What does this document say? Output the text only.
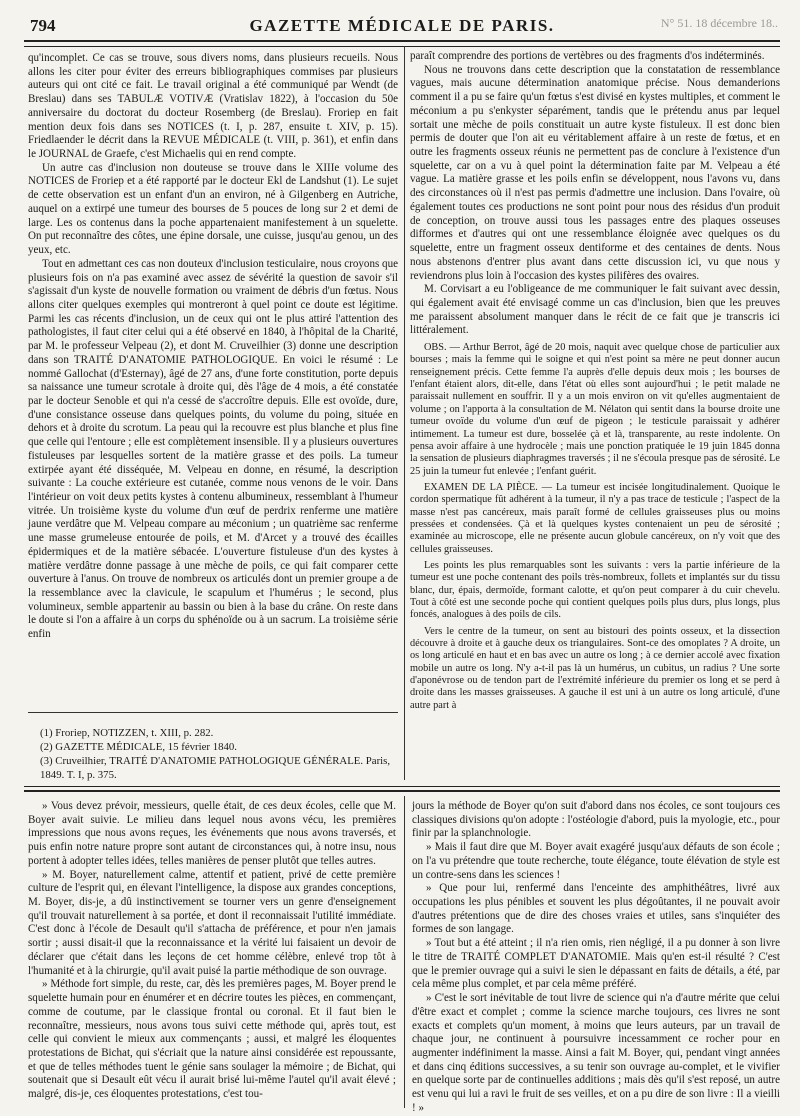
794	GAZETTE MÉDICALE DE PARIS.	N° 51. 18 décembre 18..

qu'incomplet. Ce cas se trouve, sous divers noms, dans plusieurs recueils. Nous allons les citer pour éviter des erreurs bibliographiques commises par plusieurs auteurs qui ont cité ce fait. Le travail original a été communiqué par Wendt (de Breslau) dans ses TABULÆ VOTIVÆ (Vratislav 1822), à l'occasion du 50e anniversaire du doctorat du docteur Rosemberg (de Breslau). Froriep en fait mention deux fois dans ses NOTICES (t. I, p. 287, ensuite t. XIV, p. 15). Friedlaender le décrit dans la REVUE MÉDICALE (t. VIII, p. 361), et enfin dans le JOURNAL de Graefe, c'est Michaelis qui en rend compte.

Un autre cas d'inclusion non douteuse se trouve dans le XIIIe volume des NOTICES de Froriep et a été rapporté par le docteur Ekl de Landshut (1). Le sujet de cette observation est un enfant d'un an environ, né à Gilgenberg en Autriche, auquel on a extirpé une tumeur des bourses de 5 pouces de long sur 2 et demi de large. Les os contenus dans la poche appartenaient manifestement à un squelette. On put reconnaître des côtes, une épine dorsale, une cuisse, jusqu'au genou, un des yeux, etc.

Tout en admettant ces cas non douteux d'inclusion testiculaire, nous croyons que plusieurs fois on n'a pas examiné avec assez de sévérité la question de savoir s'il s'agissait d'un kyste de nouvelle formation ou vraiment de débris d'un fœtus. Nous allons citer quelques exemples qui montreront à quel point ce doute est légitime. Parmi les cas récents d'inclusion, un de ceux qui ont le plus attiré l'attention des pathologistes, il faut citer celui qui a été observé en 1840, à l'hôpital de la Charité, par M. le professeur Velpeau (2), et dont M. Cruveilhier (3) donne une description dans son TRAITÉ D'ANATOMIE PATHOLOGIQUE. En voici le résumé : Le nommé Gallochat (d'Esternay), âgé de 27 ans, d'une forte constitution, porte depuis sa naissance une tumeur scrotale à droite qui, dès l'âge de 4 mois, a été constatée par le docteur Senoble et qui n'a cessé de s'accroître depuis. Elle est ovoïde, dure, d'une consistance osseuse dans quelques points, du volume du poing, située en dehors et à droite du scrotum. La peau qui la recouvre est plus blanche et plus fine que celle qui l'entoure ; elle est complètement insensible. Il y a plusieurs ouvertures fistuleuses par lesquelles sortent de la matière grasse et des poils. La tumeur extirpée ayant été disséquée, M. Velpeau en donne, en résumé, la description suivante : La couche extérieure est cutanée, comme nous venons de le voir. Dans l'intérieur on voit deux petits kystes à contenu albumineux, ressemblant à l'humeur vitrée. Un troisième kyste du volume d'un œuf de perdrix renferme une matière jaune verdâtre que M. Velpeau compare au méconium ; un quatrième sac renferme une masse grumeleuse entourée de poils, et M. d'Arcet y a trouvé des écailles épidermiques et de la matière sébacée. L'ouverture fistuleuse d'un des kystes à matière verdâtre donne passage à une mèche de poils, ce qui fait comparer cette ouverture à l'anus. On trouve de nombreux os articulés dont un premier groupe a de la ressemblance avec la clavicule, le scapulum et l'humérus ; le second, plus volumineux, semble appartenir au bassin ou bien à la base du crâne. On reste dans le doute si l'on a affaire à un corps du sphénoïde ou à un sacrum. La troisième série enfin

(1) Froriep, NOTIZZEN, t. XIII, p. 282.
(2) GAZETTE MÉDICALE, 15 février 1840.
(3) Cruveilhier, TRAITÉ D'ANATOMIE PATHOLOGIQUE GÉNÉRALE. Paris, 1849. T. I, p. 375.

paraît comprendre des portions de vertèbres ou des fragments d'os indéterminés.

Nous ne trouvons dans cette description que la constatation de ressemblance vagues, mais aucune détermination anatomique précise. Nous demanderions comment il a pu se faire qu'un fœtus s'est divisé en kystes multiples, et comment le méconium a pu s'enkyster séparément, tandis que le prétendu anus par lequel sortait une mèche de poils constituait un autre kyste fistuleux. Il est donc bien permis de douter que l'on ait eu véritablement affaire à un reste de fœtus, et en outre les fragments osseux réunis ne permettent pas de conclure à l'existence d'un squelette, car on a vu à quel point la détermination faite par M. Velpeau a été vague. La matière grasse et les poils enfin se développent, nous l'avons vu, dans des circonstances où il n'est pas permis d'admettre une inclusion. Dans l'ovaire, où également toutes ces productions ne sont point pour nous des résidus d'un produit de conception, on trouve aussi tous les passages entre des plaques osseuses difformes et d'autres qui ont une ressemblance éloignée avec quelques os du squelette, entre un fragment osseux dentiforme et des centaines de dents. Nous nous abstenons d'entrer plus avant dans cette discussion ici, vu que nous y reviendrons plus loin à l'occasion des kystes pilifères des ovaires.

M. Corvisart a eu l'obligeance de me communiquer le fait suivant avec dessin, qui également avait été envisagé comme un cas d'inclusion, bien que les preuves me paraissent absolument manquer dans le récit de ce fait que je transcris ici littéralement.

OBS. — Arthur Berrot, âgé de 20 mois, naquit avec quelque chose de particulier aux bourses ; mais la femme qui le soigne et qui n'est point sa mère ne peut donner aucun renseignement précis. Cette femme l'a auprès d'elle depuis deux mois ; les bourses de l'enfant étaient alors, dit-elle, dans l'état où elles sont aujourd'hui ; le petit malade ne paraissait nullement en souffrir. Il y a un mois environ on vit qu'elles augmentaient de volume ; on l'apporta à la consultation de M. Nélaton qui sentit dans la bourse droite une tumeur ovoïde du volume d'un œuf de pigeon ; le testicule paraissait y adhérer intimement. La tumeur est dure, bosselée çà et là, transparente, au reste indolente. On pensa avoir affaire à une hydrocèle ; mais une ponction pratiquée le 19 juin 1845 donna la sensation de plusieurs diaphragmes traversés ; il ne s'écoula presque pas de sérosité. Le 25 juin la tumeur fut enlevée ; l'enfant guérit.

EXAMEN DE LA PIÈCE. — La tumeur est incisée longitudinalement. Quoique le cordon spermatique fût adhérent à la tumeur, il n'y a pas trace de testicule ; l'aspect de la masse n'est pas cancéreux, mais paraît formé de cellules graisseuses plus ou moins pressées et condensées. Çà et là quelques kystes contenaient un peu de sérosité ; examinée au microscope, elle ne présente aucun globule cancéreux, on n'y voit que des cellules graisseuses.

Les points les plus remarquables sont les suivants : vers la partie inférieure de la tumeur est une poche contenant des poils très-nombreux, follets et implantés sur du tissu blanc, dur, épais, dermoïde, formant calotte, et qu'on peut comparer à du cuir chevelu. Tout à côté est une seconde poche qui contient quelques poils plus durs, plus longs, plus foncés, analogues à des poils de cils.

Vers le centre de la tumeur, on sent au bistouri des points osseux, et la dissection découvre à droite et à gauche deux os triangulaires. Sont-ce des omoplates ? A droite, un os long articulé en haut et en bas avec un autre os long ; à ce dernier accolé avec fixation mobile un autre os long. N'y a-t-il pas là un humérus, un cubitus, un radius ? Une sorte d'aponévrose ou de tendon part de l'extrémité inférieure du premier os long et se perd à droite dans les masses graisseuses. A gauche il est uni à un autre os long articulé, d'une autre part à

» Vous devez prévoir, messieurs, quelle était, de ces deux écoles, celle que M. Boyer avait suivie. Le milieu dans lequel nous avons vécu, les premières impressions que nous avons reçues, les événements que nous avons traversés, et puis enfin notre nature propre sont autant de circonstances qui, à notre insu, nous portent à adopter telles idées, telles manières de penser plutôt que telles autres.

» M. Boyer, naturellement calme, attentif et patient, privé de cette première culture de l'esprit qui, en élevant l'intelligence, la dispose aux grandes conceptions, M. Boyer, dis-je, a dû instinctivement se tourner vers un genre d'enseignement qu'il trouvait naturellement à sa portée, et dont il reconnaissait l'utilité immédiate. C'est donc à l'école de Desault qu'il s'attacha de préférence, et pour n'en jamais sortir ; aussi disait-il que la reconnaissance et la vérité lui faisaient un devoir de déclarer que c'était dans les leçons de cet homme célèbre, enlevé trop tôt à l'humanité et à la chirurgie, qu'il avait puisé la partie méthodique de son ouvrage.

» Méthode fort simple, du reste, car, dès les premières pages, M. Boyer prend le squelette humain pour en énumérer et en décrire toutes les pièces, en commençant, comme de coutume, par le classique frontal ou coronal. Et il faut bien le reconnaître, messieurs, nous avons tous suivi cette méthode qui, après tout, est celle qui convient le mieux aux commençants ; aussi, et malgré les éloquentes protestations de Bichat, qui s'écriait que la nature ainsi considérée est repoussante, et que de telles méthodes tuent le génie sans soulager la mémoire ; de Bichat, qui soutenait que si Desault eût vécu il aurait brisé lui-même l'autel qu'il avait élevé ; malgré, dis-je, ces éloquentes protestations, c'est tou-

jours la méthode de Boyer qu'on suit d'abord dans nos écoles, ce sont toujours ces classiques divisions qu'on adopte : l'ostéologie d'abord, puis la myologie, etc., pour finir par la splanchnologie.

» Mais il faut dire que M. Boyer avait exagéré jusqu'aux défauts de son école ; on l'a vu prétendre que toute recherche, toute élégance, toute élévation de style est un contre-sens dans les sciences !

» Que pour lui, renfermé dans l'enceinte des amphithéâtres, livré aux occupations les plus pénibles et souvent les plus dégoûtantes, il ne pouvait avoir d'autres prétentions que de dire des choses vraies et utiles, sans s'inquiéter des formes de son langage.

» Tout but a été atteint ; il n'a rien omis, rien négligé, il a pu donner à son livre le titre de TRAITÉ COMPLET D'ANATOMIE. Mais qu'en est-il résulté ? C'est que le premier ouvrage qui a suivi le sien le dépassant en faits de détails, a été, par cela même plus complet, et par cela même préféré.

» C'est le sort inévitable de tout livre de science qui n'a d'autre mérite que celui d'être exact et complet ; comme la science marche toujours, ces livres ne sont exacts et complets qu'un moment, à moins que leurs auteurs, par un travail de chaque jour, ne continuent à poursuivre incessamment ce rocher pour en augmenter indéfiniment la masse. Ainsi a fait M. Boyer, qui, pendant vingt années et dans cinq éditions successives, a su tenir son ouvrage au-complet, et le vivifier en quelque sorte par de continuelles additions ; mais dès qu'il s'est reposé, un autre est venu qui lui a ravi le fruit de ses veilles, et on a pu dire de son livre : Il a vieilli ! »
